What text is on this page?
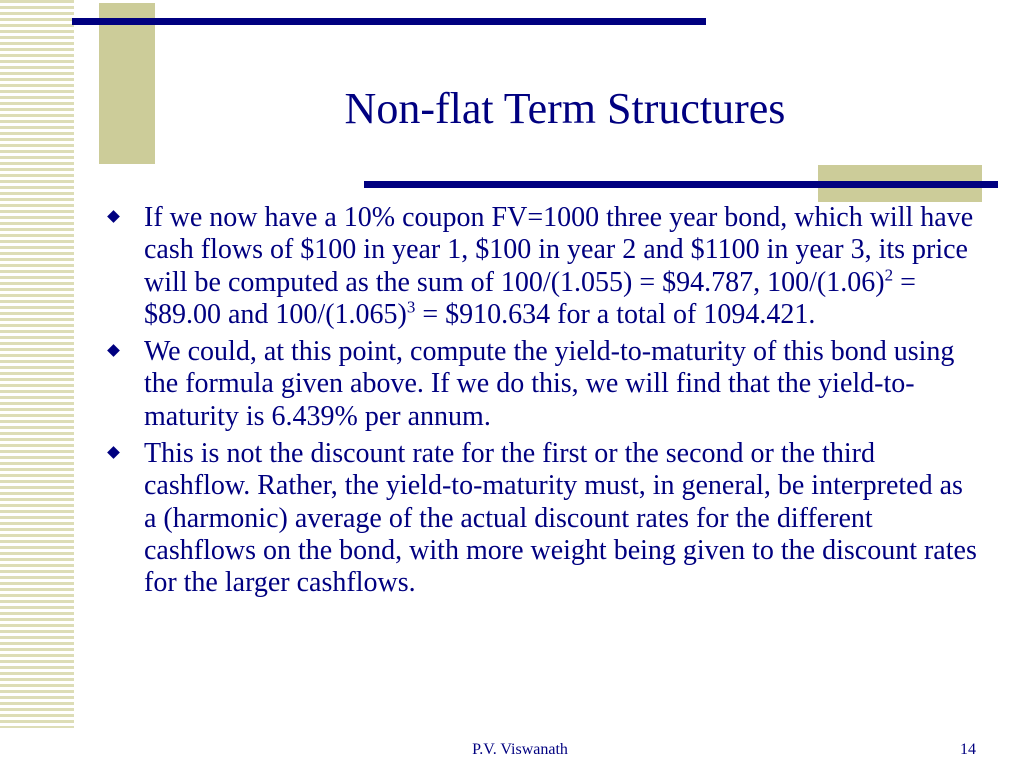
Non-flat Term Structures
If we now have a 10% coupon FV=1000 three year bond, which will have cash flows of $100 in year 1, $100 in year 2 and $1100 in year 3, its price will be computed as the sum of 100/(1.055) = $94.787, $100/(1.06)^2$ = $89.00 and $100/(1.065)^3$ = $910.634 for a total of 1094.421.
We could, at this point, compute the yield-to-maturity of this bond using the formula given above. If we do this, we will find that the yield-to-maturity is 6.439% per annum.
This is not the discount rate for the first or the second or the third cashflow. Rather, the yield-to-maturity must, in general, be interpreted as a (harmonic) average of the actual discount rates for the different cashflows on the bond, with more weight being given to the discount rates for the larger cashflows.
P.V. Viswanath	14
